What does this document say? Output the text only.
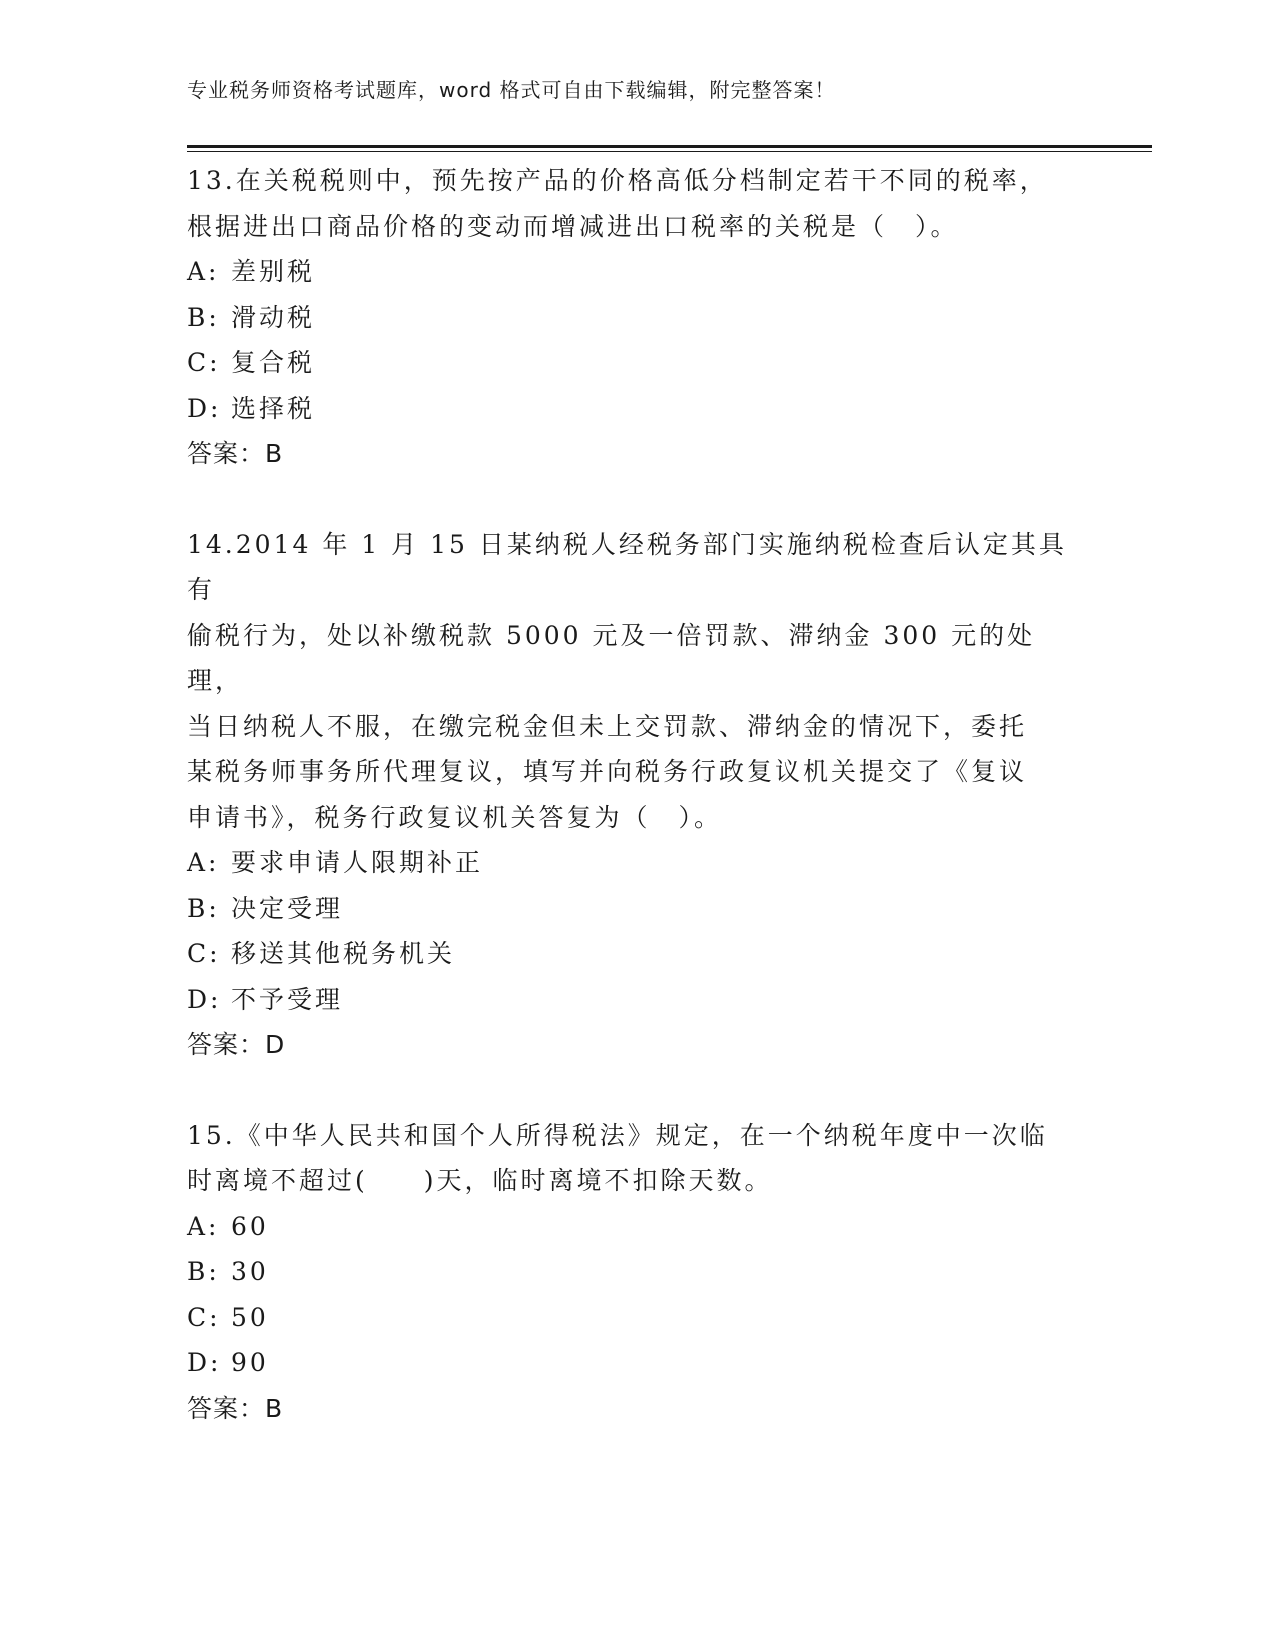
专业税务师资格考试题库，word 格式可自由下载编辑，附完整答案！

13.在关税税则中，预先按产品的价格高低分档制定若干不同的税率，

根据进出口商品价格的变动而增减进出口税率的关税是（　）。

A: 差别税
B: 滑动税
C: 复合税
D: 选择税

答案：B

14.2014 年 1 月 15 日某纳税人经税务部门实施纳税检查后认定其具有

偷税行为，处以补缴税款 5000 元及一倍罚款、滞纳金 300 元的处理，

当日纳税人不服，在缴完税金但未上交罚款、滞纳金的情况下，委托

某税务师事务所代理复议，填写并向税务行政复议机关提交了《复议

申请书》，税务行政复议机关答复为（　）。

A: 要求申请人限期补正
B: 决定受理
C: 移送其他税务机关
D: 不予受理

答案：D

15.《中华人民共和国个人所得税法》规定，在一个纳税年度中一次临

时离境不超过(　　)天，临时离境不扣除天数。

A: 60
B: 30
C: 50
D: 90

答案：B
